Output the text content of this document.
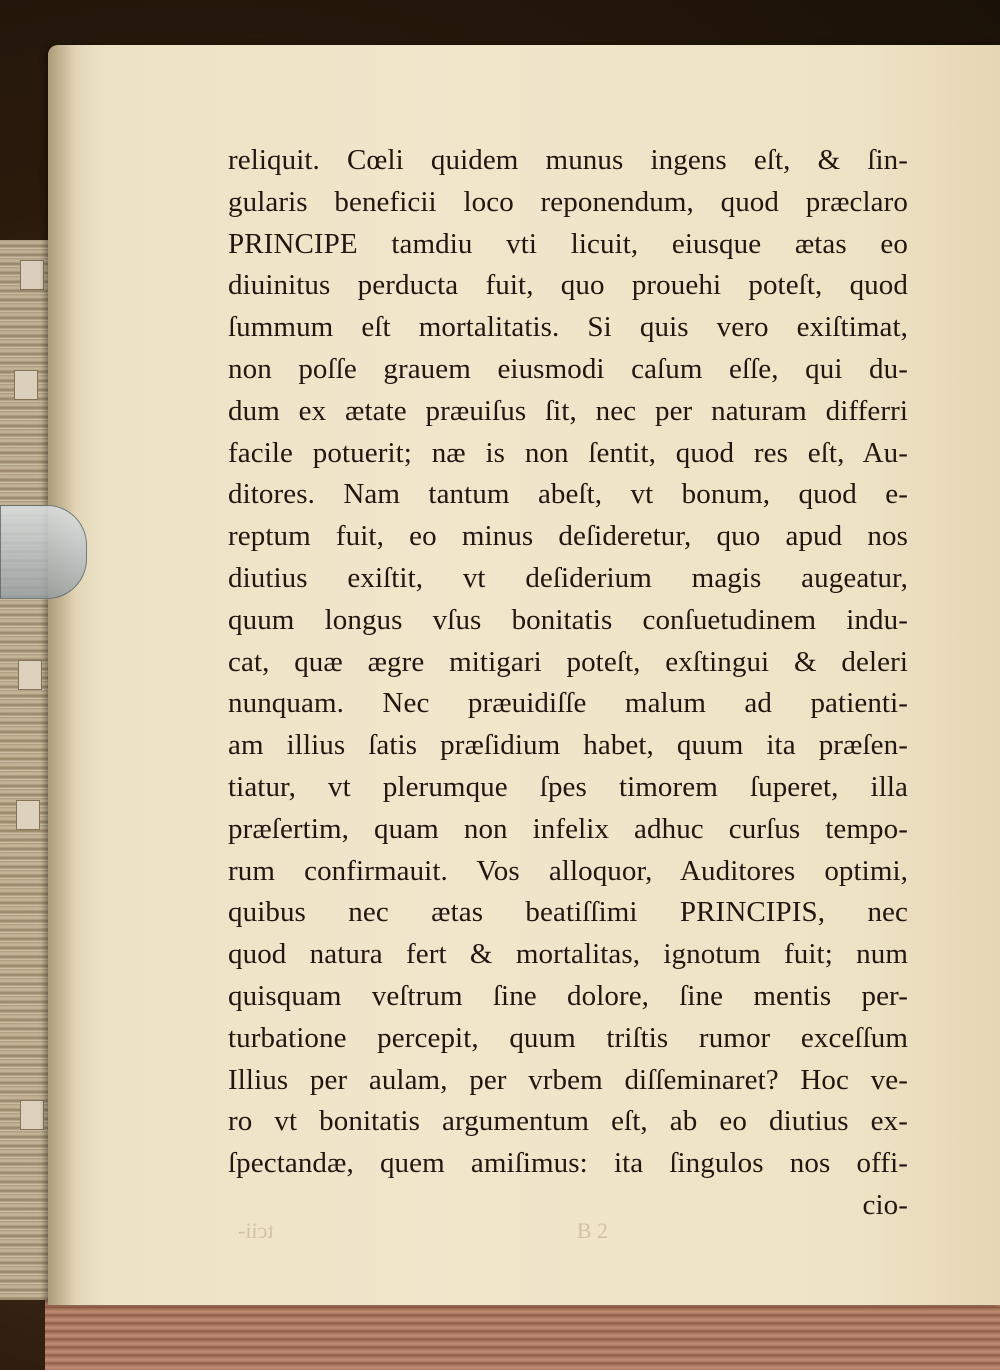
reliquit. Cœli quidem munus ingens eſt, & ſin-
gularis beneficii loco reponendum, quod præclaro
PRINCIPE tamdiu vti licuit, eiusque ætas eo
diuinitus perducta fuit, quo prouehi poteſt, quod
ſummum eſt mortalitatis. Si quis vero exiſtimat,
non poſſe grauem eiusmodi caſum eſſe, qui du-
dum ex ætate præuiſus ſit, nec per naturam differri
facile potuerit; næ is non ſentit, quod res eſt, Au-
ditores. Nam tantum abeſt, vt bonum, quod e-
reptum fuit, eo minus deſideretur, quo apud nos
diutius exiſtit, vt deſiderium magis augeatur,
quum longus vſus bonitatis conſuetudinem indu-
cat, quæ ægre mitigari poteſt, exſtingui & deleri
nunquam. Nec præuidiſſe malum ad patienti-
am illius ſatis præſidium habet, quum ita præſen-
tiatur, vt plerumque ſpes timorem ſuperet, illa
præſertim, quam non infelix adhuc curſus tempo-
rum confirmauit. Vos alloquor, Auditores optimi,
quibus nec ætas beatiſſimi PRINCIPIS, nec
quod natura fert & mortalitas, ignotum fuit; num
quisquam veſtrum ſine dolore, ſine mentis per-
turbatione percepit, quum triſtis rumor exceſſum
Illius per aulam, per vrbem diſſeminaret? Hoc ve-
ro vt bonitatis argumentum eſt, ab eo diutius ex-
ſpectandæ, quem amiſimus: ita ſingulos nos offi-
cio-
tcii-	B 2
